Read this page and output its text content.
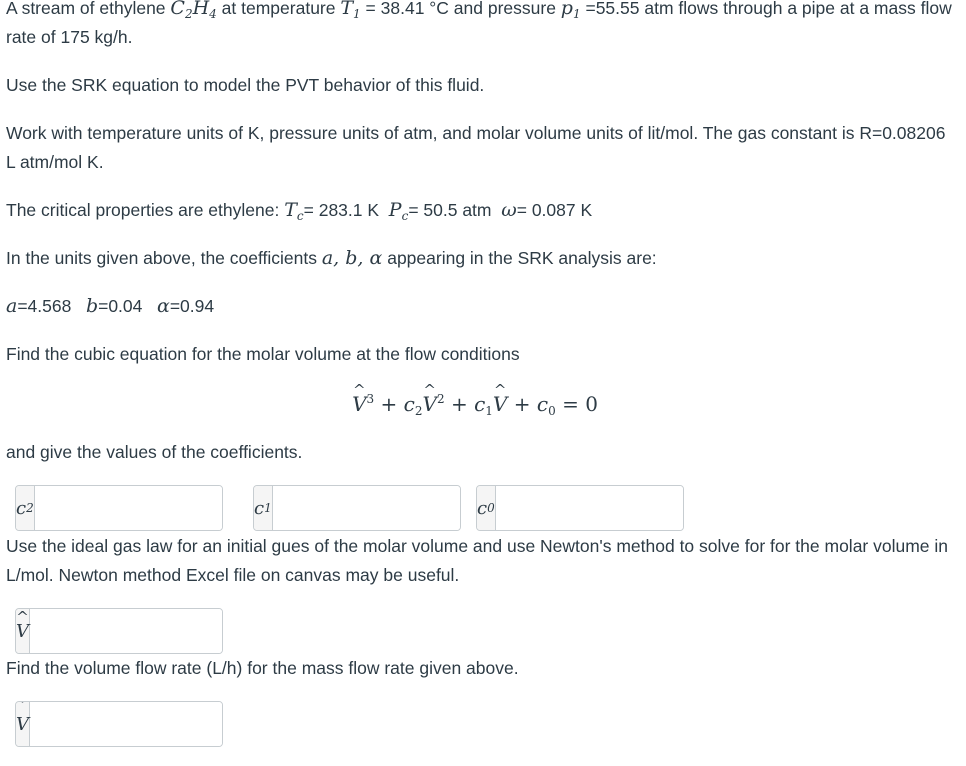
A stream of ethylene $C_2H_4$ at temperature $T_1 = 38.41$ °C and pressure $p_1 =55.55$ atm flows through a pipe at a mass flow rate of 175 kg/h.

Use the SRK equation to model the PVT behavior of this fluid.

Work with temperature units of K, pressure units of atm, and molar volume units of lit/mol. The gas constant is R=0.08206 L atm/mol K.

The critical properties are ethylene: $T_c= 283.1$ K $P_c= 50.5$ atm ω= 0.087 K

In the units given above, the coefficients a, b, α appearing in the SRK analysis are:

a=4.568 b=0.04 α=0.94

Find the cubic equation for the molar volume at the flow conditions

^ $V^3$ + $c_2\^{}$ $V^2$ + $c_1\^{}$ $V + c_0 = 0$

and give the values of the coefficients.

c 2	c 1	c 0

Use the ideal gas law for an initial gues of the molar volume and use Newton's method to solve for for the molar volume in L/mol. Newton method Excel file on canvas may be useful.

^ V

Find the volume flow rate (L/h) for the mass flow rate given above.

˙ V
